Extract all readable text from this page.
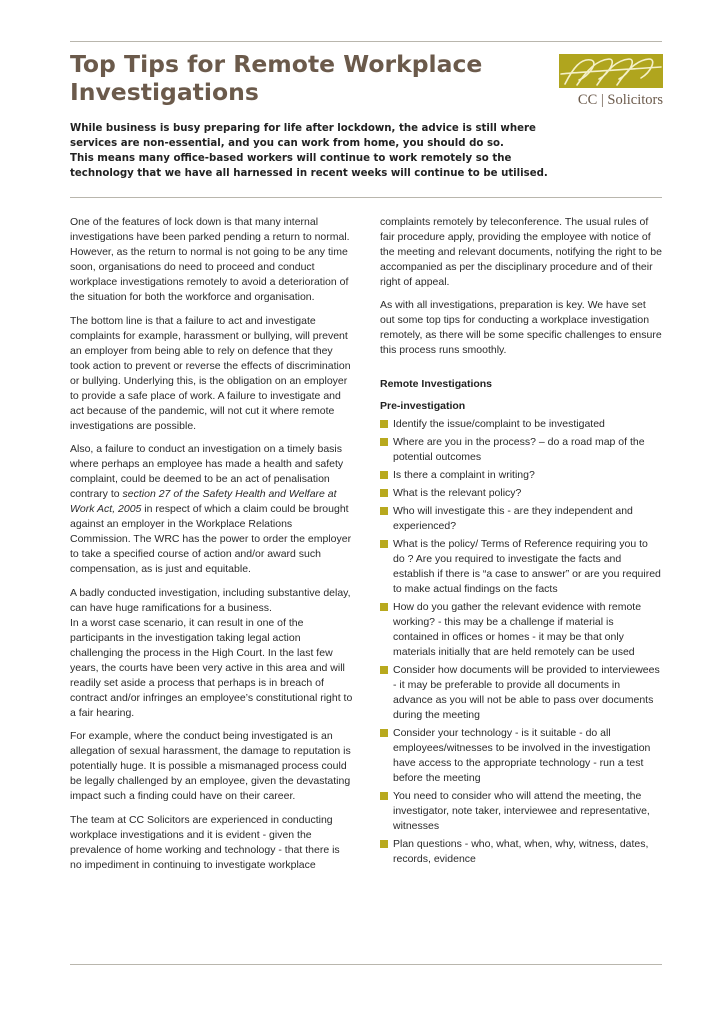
Top Tips for Remote Workplace Investigations	CC | Solicitors

While business is busy preparing for life after lockdown, the advice is still where

services are non-essential, and you can work from home, you should do so.

This means many office-based workers will continue to work remotely so the

technology that we have all harnessed in recent weeks will continue to be utilised.

One of the features of lock down is that many internal investigations have been parked pending a return to normal. However, as the return to normal is not going to be any time soon, organisations do need to proceed and conduct workplace investigations remotely to avoid a deterioration of the situation for both the workforce and organisation.

The bottom line is that a failure to act and investigate complaints for example, harassment or bullying, will prevent an employer from being able to rely on defence that they took action to prevent or reverse the effects of discrimination or bullying. Underlying this, is the obligation on an employer to provide a safe place of work. A failure to investigate and act because of the pandemic, will not cut it where remote investigations are possible.

Also, a failure to conduct an investigation on a timely basis where perhaps an employee has made a health and safety complaint, could be deemed to be an act of penalisation contrary to section 27 of the Safety Health and Welfare at Work Act, 2005 in respect of which a claim could be brought against an employer in the Workplace Relations Commission. The WRC has the power to order the employer to take a specified course of action and/or award such compensation, as is just and equitable.

A badly conducted investigation, including substantive delay, can have huge ramifications for a business.
In a worst case scenario, it can result in one of the participants in the investigation taking legal action challenging the process in the High Court. In the last few years, the courts have been very active in this area and will readily set aside a process that perhaps is in breach of contract and/or infringes an employee’s constitutional right to a fair hearing.

For example, where the conduct being investigated is an allegation of sexual harassment, the damage to reputation is potentially huge. It is possible a mismanaged process could be legally challenged by an employee, given the devastating impact such a finding could have on their career.

The team at CC Solicitors are experienced in conducting workplace investigations and it is evident - given the prevalence of home working and technology - that there is no impediment in continuing to investigate workplace

complaints remotely by teleconference. The usual rules of fair procedure apply, providing the employee with notice of the meeting and relevant documents, notifying the right to be accompanied as per the disciplinary procedure and of their right of appeal.

As with all investigations, preparation is key. We have set out some top tips for conducting a workplace investigation remotely, as there will be some specific challenges to ensure this process runs smoothly.

Remote Investigations
Pre-investigation
Identify the issue/complaint to be investigated
Where are you in the process? – do a road map of the potential outcomes
Is there a complaint in writing?
What is the relevant policy?
Who will investigate this - are they independent and experienced?
What is the policy/ Terms of Reference requiring you to do ? Are you required to investigate the facts and establish if there is “a case to answer” or are you required to make actual findings on the facts
How do you gather the relevant evidence with remote working? - this may be a challenge if material is contained in offices or homes - it may be that only materials initially that are held remotely can be used
Consider how documents will be provided to interviewees - it may be preferable to provide all documents in advance as you will not be able to pass over documents during the meeting
Consider your technology - is it suitable - do all employees/witnesses to be involved in the investigation have access to the appropriate technology - run a test before the meeting
You need to consider who will attend the meeting, the investigator, note taker, interviewee and representative, witnesses
Plan questions - who, what, when, why, witness, dates, records, evidence
